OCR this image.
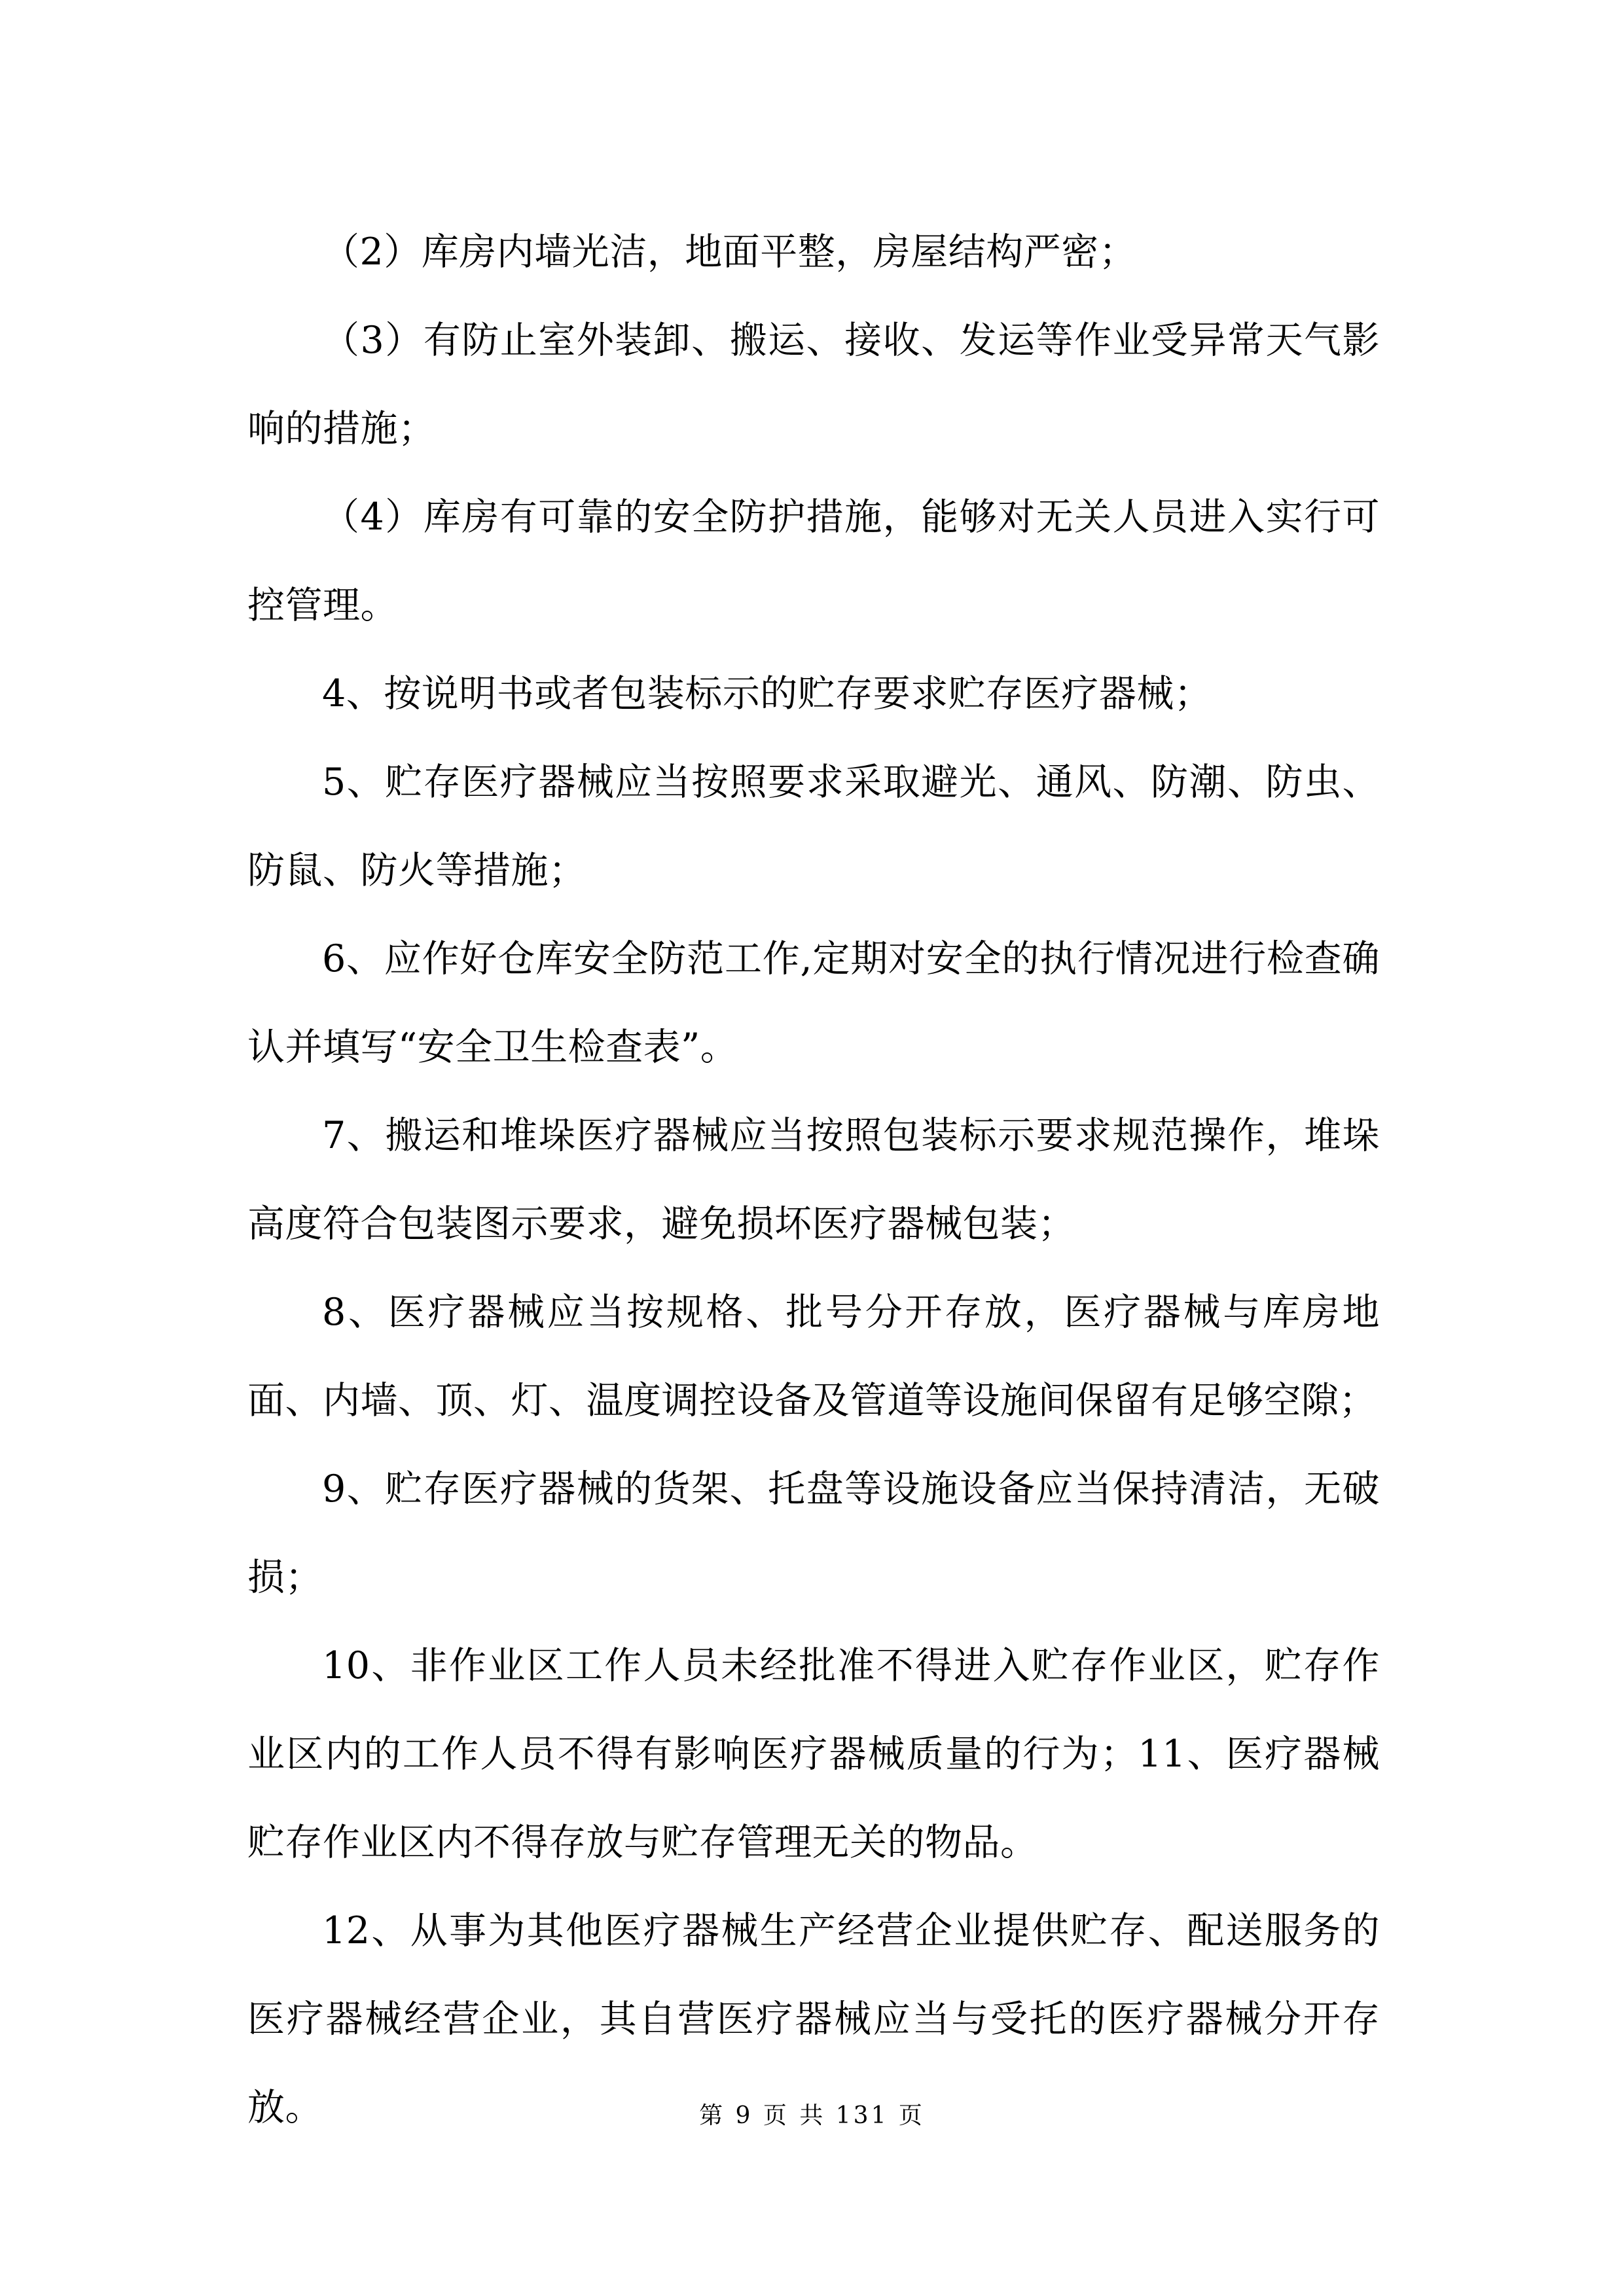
（2）库房内墙光洁，地面平整，房屋结构严密；

（3）有防止室外装卸、搬运、接收、发运等作业受异常天气影响的措施；

（4）库房有可靠的安全防护措施，能够对无关人员进入实行可控管理。

4、按说明书或者包装标示的贮存要求贮存医疗器械；

5、贮存医疗器械应当按照要求采取避光、通风、防潮、防虫、防鼠、防火等措施；

6、应作好仓库安全防范工作,定期对安全的执行情况进行检查确认并填写“安全卫生检查表”。

7、搬运和堆垛医疗器械应当按照包装标示要求规范操作，堆垛高度符合包装图示要求，避免损坏医疗器械包装；

8、医疗器械应当按规格、批号分开存放，医疗器械与库房地面、内墙、顶、灯、温度调控设备及管道等设施间保留有足够空隙；

9、贮存医疗器械的货架、托盘等设施设备应当保持清洁，无破损；

10、非作业区工作人员未经批准不得进入贮存作业区，贮存作业区内的工作人员不得有影响医疗器械质量的行为；11、医疗器械贮存作业区内不得存放与贮存管理无关的物品。

12、从事为其他医疗器械生产经营企业提供贮存、配送服务的医疗器械经营企业，其自营医疗器械应当与受托的医疗器械分开存放。	第 9 页 共 131 页
